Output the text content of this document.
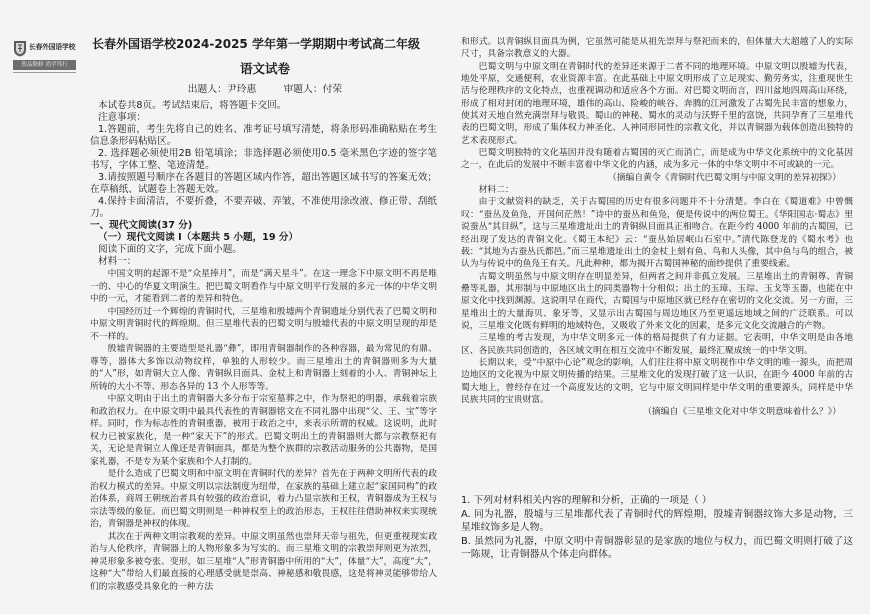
长春外国语学校
敦品勤修 尚学笃行
长春外国语学校2024-2025 学年第一学期期中考试高二年级
语文试卷
出题人：尹玲惠	审题人：付荣

本试卷共8页。考试结束后，将答题卡交回。

注意事项：

1.答题前，考生先将自己的姓名、准考证号填写清楚，将条形码准确粘贴在考生信息条形码粘贴区。

2. 选择题必须使用2B 铅笔填涂；非选择题必须使用0.5 毫米黑色字迹的签字笔书写，字体工整、笔迹清楚。

3.请按照题号顺序在各题目的答题区域内作答，超出答题区域书写的答案无效；在草稿纸、试题卷上答题无效。

4.保持卡面清洁，不要折叠，不要弄破、弄皱，不准使用涂改液、修正带、刮纸刀。

一、现代文阅读(37 分)

（一）现代文阅读 I（本题共 5 小题，19 分）

阅读下面的文字，完成下面小题。

材料一：

中国文明的起源不是“众星捧月”，而是“满天星斗”。在这一理念下中原文明不再是唯一的、中心的华夏文明演生。把巴蜀文明看作与中原文明平行发展的多元一体的中华文明中的一元，才能看到二者的差异和特色。

中国经历过一个辉煌的青铜时代，三星堆和殷墟两个青铜遗址分别代表了巴蜀文明和中原文明青铜时代的辉煌期。但三星堆代表的巴蜀文明与殷墟代表的中原文明呈现的却是不一样的。

殷墟青铜器的主要造型是礼器“彝”，即用青铜器制作的各种容器，最为常见的有鼎、尊等，器体大多饰以动物纹样，单独的人形较少。而三星堆出土的青铜器则多为大量的“人”形，如青铜大立人像、青铜纵目面具、金杖上和青铜器上刻着的小人、青铜神坛上所铸的大小不等、形态各异的 13 个人形等等。

中原文明由于出土的青铜器大多分布于宗室墓葬之中，作为祭祀的明器，承载着宗族和政治权力。在中原文明中最具代表性的青铜器铭文在不同礼器中出现“父、王、宝”等字样。同时，作为标志性的青铜重器，被用于政治之中，来表示所谓的权威。这说明，此时权力已被家族化，是一种“家天下”的形式。巴蜀文明出土的青铜器则大都与宗教祭祀有关，无论是青铜立人像还是青铜面具，都是为整个族群的宗教活动服务的公共器物，是国家礼器，不是专为某个家族和个人打制的。

是什么造成了巴蜀文明和中原文明在青铜时代的差异？首先在于两种文明所代表的政治权力模式的差异。中原文明以宗法制度为纽带，在家族的基础上建立起“家国同构”的政治体系，商周王朝统治者具有较强的政治意识，着力凸显宗族和王权，青铜器成为王权与宗法等级的象征。而巴蜀文明则是一种神权至上的政治形态，王权往往借助神权来实现统治，青铜器是神权的体现。

其次在于两种文明宗教观的差异。中原文明虽然也崇拜天帝与祖先，但更重视现实政治与人伦秩序，青铜器上的人物形象多为写实的。而三星堆文明的宗教崇拜则更为浓烈，神灵形象多被夸张、变形，如三星堆“人”形青铜器中所用的“大”，体量“大”，高度“大”，这种“大”带给人们最直接的心理感受就是崇高、神秘感和敬畏感，这是将神灵能够带给人们的宗教感受具象化的一种方法

和形式。以青铜纵目面具为例，它虽然可能是从祖先崇拜与祭祀而来的，但体量大大超越了人的实际尺寸，具备宗教意义的大器。

巴蜀文明与中原文明在青铜时代的差异还来源于二者不同的地理环境。中原文明以殷墟为代表，地处平原，交通便利，农业资源丰富。在此基础上中原文明形成了立足现实、勤劳务实，注重现世生活与伦理秩序的文化特点，也重视调动和适应各个方面。对巴蜀文明而言，四川盆地四周高山环绕，形成了相对封闭的地理环境，雄伟的高山、险峻的峡谷、奔腾的江河激发了古蜀先民丰富的想象力，使其对天地自然充满崇拜与敬畏。蜀山的神秘、蜀水的灵动与沃野千里的富饶，共同孕育了三星堆代表的巴蜀文明，形成了集体权力神圣化、人神同形同性的宗教文化，并以青铜器为载体创造出独特的艺术表现形式。

巴蜀文明独特的文化基因并没有随着古蜀国的灭亡而消亡，而是成为中华文化系统中的文化基因之一，在此后的发展中不断丰富着中华文化的内涵，成为多元一体的中华文明中不可或缺的一元。

（摘编自黄令《青铜时代巴蜀文明与中原文明的差异初探》）

材料二：

由于文献资料的缺乏，关于古蜀国的历史有很多问题并不十分清楚。李白在《蜀道难》中曾慨叹：“蚕丛及鱼凫，开国何茫然！”诗中的蚕丛和鱼凫，便是传说中的两位蜀王。《华阳国志·蜀志》里说蚕丛“其目纵”，这与三星堆遗址出土的青铜纵目面具正相吻合。在距今约 4000 年前的古蜀国，已经出现了发达的青铜文化。《蜀王本纪》云：“蚕丛始居岷山石室中。”清代陈登龙的《蜀水考》也载：“其地为古蚕丛氏都邑。”而三星堆遗址出土的金杖上刻有鱼、鸟和人头像，其中鱼与鸟的组合，被认为与传说中的鱼凫王有关。凡此种种，都为揭开古蜀国神秘的面纱提供了重要线索。

古蜀文明虽然与中原文明存在明显差异，但两者之间并非孤立发展。三星堆出土的青铜尊、青铜罍等礼器，其形制与中原地区出土的同类器物十分相似；出土的玉璋、玉琮、玉戈等玉器，也能在中原文化中找到渊源。这说明早在商代，古蜀国与中原地区就已经存在密切的文化交流。另一方面，三星堆出土的大量海贝、象牙等，又显示出古蜀国与周边地区乃至更遥远地域之间的广泛联系。可以说，三星堆文化既有鲜明的地域特色，又吸收了外来文化的因素，是多元文化交流融合的产物。

三星堆的考古发现，为中华文明多元一体的格局提供了有力证据。它表明，中华文明是由各地区、各民族共同创造的，各区域文明在相互交流中不断发展，最终汇聚成统一的中华文明。

长期以来，受“中原中心论”观念的影响，人们往往将中原文明视作中华文明的唯一源头，而把周边地区的文化视为中原文明传播的结果。三星堆文化的发现打破了这一认识，在距今 4000 年前的古蜀大地上，曾经存在过一个高度发达的文明，它与中原文明同样是中华文明的重要源头，同样是中华民族共同的宝贵财富。

（摘编自《三星堆文化对中华文明意味着什么？》）

1. 下列对材料相关内容的理解和分析，正确的一项是（ ）

A. 同为礼器，殷墟与三星堆都代表了青铜时代的辉煌期，殷墟青铜器纹饰大多是动物，三星堆纹饰多是人物。

B. 虽然同为礼器，中原文明中青铜器彰显的是家族的地位与权力，而巴蜀文明则打破了这一陈规，让青铜器从个体走向群体。
